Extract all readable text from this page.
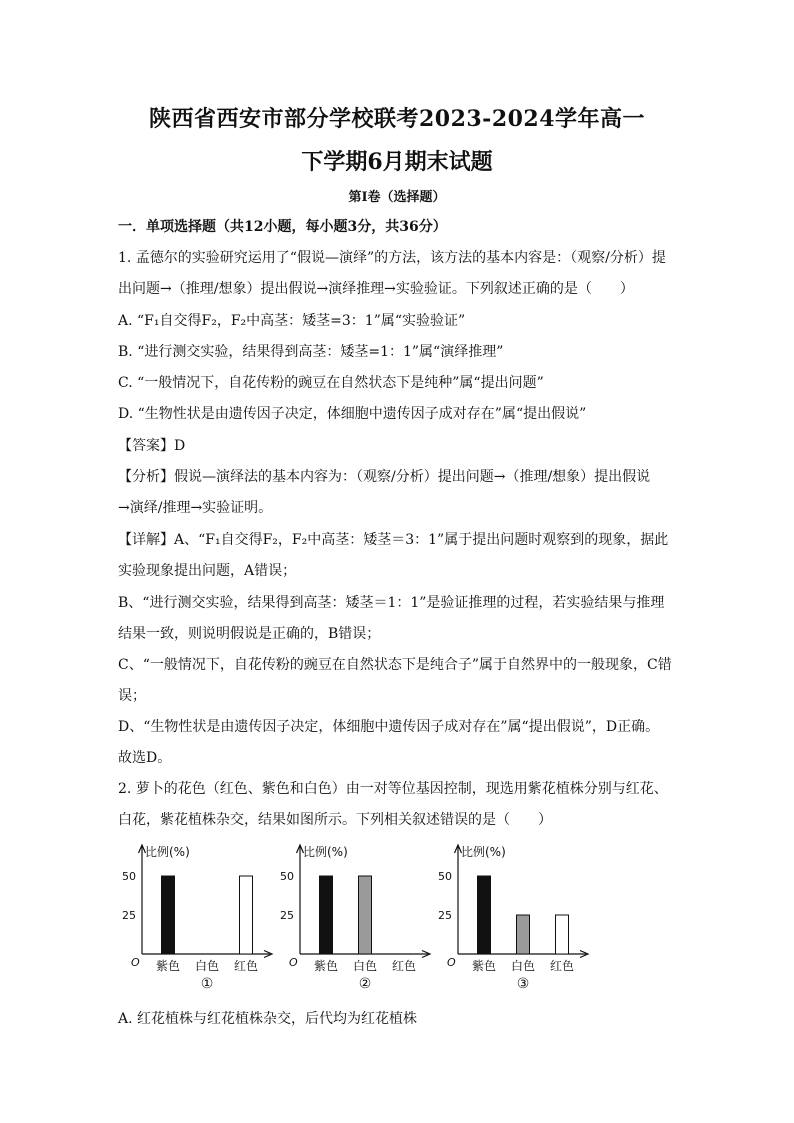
陕西省西安市部分学校联考2023-2024学年高一
下学期6月期末试题
第Ⅰ卷（选择题）
一．单项选择题（共12小题，每小题3分，共36分）
1. 孟德尔的实验研究运用了“假说—演绎”的方法，该方法的基本内容是：（观察/分析）提
出问题→（推理/想象）提出假说→演绎推理→实验验证。下列叙述正确的是（　　）
A. “F₁自交得F₂，F₂中高茎：矮茎=3：1”属“实验验证”
B. “进行测交实验，结果得到高茎：矮茎=1：1”属“演绎推理”
C. “一般情况下，自花传粉的豌豆在自然状态下是纯种”属“提出问题”
D. “生物性状是由遗传因子决定，体细胞中遗传因子成对存在”属“提出假说”
【答案】D
【分析】假说—演绎法的基本内容为：（观察/分析）提出问题→（推理/想象）提出假说
→演绎/推理→实验证明。
【详解】A、“F₁自交得F₂，F₂中高茎：矮茎＝3：1”属于提出问题时观察到的现象，据此
实验现象提出问题，A错误；
B、“进行测交实验，结果得到高茎：矮茎＝1：1”是验证推理的过程，若实验结果与推理
结果一致，则说明假说是正确的，B错误；
C、“一般情况下，自花传粉的豌豆在自然状态下是纯合子”属于自然界中的一般现象，C错
误；
D、“生物性状是由遗传因子决定，体细胞中遗传因子成对存在”属“提出假说”，D正确。
故选D。
2. 萝卜的花色（红色、紫色和白色）由一对等位基因控制，现选用紫花植株分别与红花、
白花，紫花植株杂交，结果如图所示。下列相关叙述错误的是（　　）
比例(%)
O
25
50
紫色 白色 红色
①
比例(%)
O
25
50
紫色 白色 红色
②
比例(%)
O
25
50
紫色 白色 红色
③
A. 红花植株与红花植株杂交，后代均为红花植株
